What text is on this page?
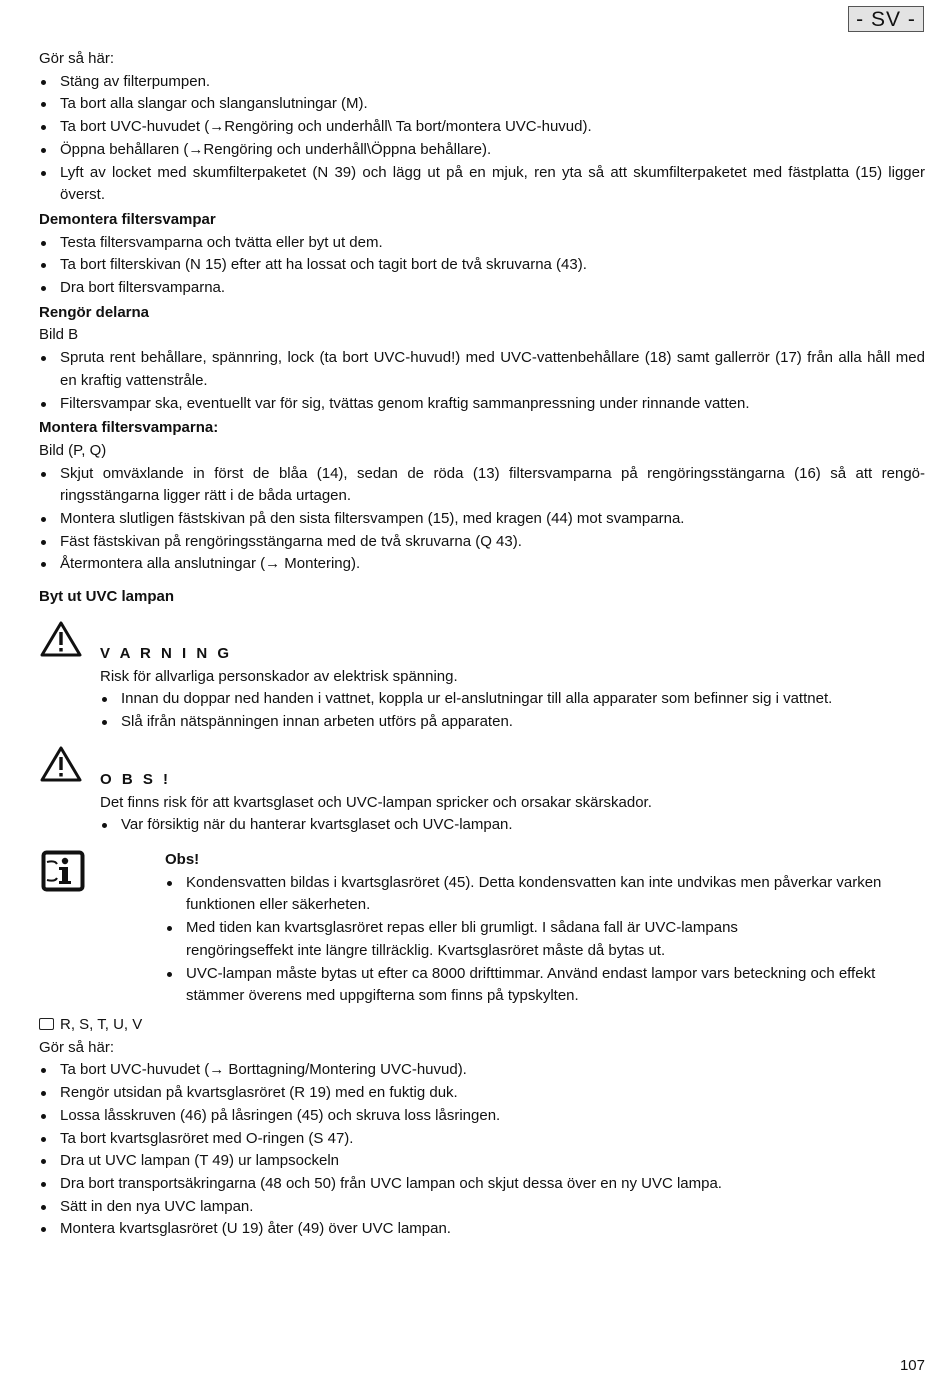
- SV -

Gör så här:

Stäng av filterpumpen.
Ta bort alla slangar och slanganslutningar (M).
Ta bort UVC-huvudet (→Rengöring och underhåll\ Ta bort/montera UVC-huvud).
Öppna behållaren (→Rengöring och underhåll\Öppna behållare).
Lyft av locket med skumfilterpaketet (N 39) och lägg ut på en mjuk, ren yta så att skumfilterpaketet med fästplatta (15) ligger överst.

Demontera filtersvampar

Testa filtersvamparna och tvätta eller byt ut dem.
Ta bort filterskivan (N 15) efter att ha lossat och tagit bort de två skruvarna (43).
Dra bort filtersvamparna.

Rengör delarna

Bild B

Spruta rent behållare, spännring, lock (ta bort UVC-huvud!) med UVC-vattenbehållare (18) samt gallerrör (17) från alla håll med en kraftig vattenstråle.
Filtersvampar ska, eventuellt var för sig, tvättas genom kraftig sammanpressning under rinnande vatten.

Montera filtersvamparna:

Bild (P, Q)

Skjut omväxlande in först de blåa (14), sedan de röda (13) filtersvamparna på rengöringsstängarna (16) så att rengö-ringsstängarna ligger rätt i de båda urtagen.
Montera slutligen fästskivan på den sista filtersvampen (15), med kragen (44) mot svamparna.
Fäst fästskivan på rengöringsstängarna med de två skruvarna (Q 43).
Återmontera alla anslutningar (→ Montering).

Byt ut UVC lampan

V A R N I N G

Risk för allvarliga personskador av elektrisk spänning.

Innan du doppar ned handen i vattnet, koppla ur el-anslutningar till alla apparater som befinner sig i vattnet.
Slå ifrån nätspänningen innan arbeten utförs på apparaten.

O B S !

Det finns risk för att kvartsglaset och UVC-lampan spricker och orsakar skärskador.

Var försiktig när du hanterar kvartsglaset och UVC-lampan.

Obs!

Kondensvatten bildas i kvartsglasröret (45). Detta kondensvatten kan inte undvikas men påverkar varken funktionen eller säkerheten.
Med tiden kan kvartsglasröret repas eller bli grumligt. I sådana fall är UVC-lampans rengöringseffekt inte längre tillräcklig. Kvartsglasröret måste då bytas ut.
UVC-lampan måste bytas ut efter ca 8000 drifttimmar. Använd endast lampor vars beteckning och effekt stämmer överens med uppgifterna som finns på typskylten.

R, S, T, U, V

Gör så här:

Ta bort UVC-huvudet (→ Borttagning/Montering UVC-huvud).
Rengör utsidan på kvartsglasröret (R 19) med en fuktig duk.
Lossa låsskruven (46) på låsringen (45) och skruva loss låsringen.
Ta bort kvartsglasröret med O-ringen (S 47).
Dra ut UVC lampan (T 49) ur lampsockeln
Dra bort transportsäkringarna (48 och 50) från UVC lampan och skjut dessa över en ny UVC lampa.
Sätt in den nya UVC lampan.
Montera kvartsglasröret (U 19) åter (49) över UVC lampan.
107
